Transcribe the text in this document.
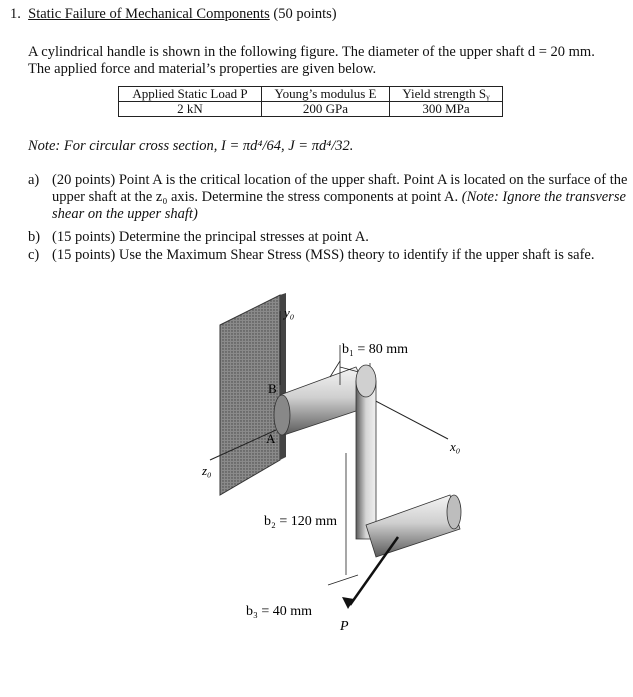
1. Static Failure of Mechanical Components (50 points)
A cylindrical handle is shown in the following figure. The diameter of the upper shaft d = 20 mm. The applied force and material’s properties are given below.
Applied Static Load P	Young’s modulus E	Yield strength Sᵧ
2 kN	200 GPa	300 MPa
Note: For circular cross section, I = πd⁴/64, J = πd⁴/32.
a) (20 points) Point A is the critical location of the upper shaft. Point A is located on the surface of the upper shaft at the z₀ axis. Determine the stress components at point A. (Note: Ignore the transverse shear on the upper shaft)
b) (15 points) Determine the principal stresses at point A.
c) (15 points) Use the Maximum Shear Stress (MSS) theory to identify if the upper shaft is safe.
y₀
z₀
x₀
B
A
b₁ = 80 mm
b₂ = 120 mm
P
b₃ = 40 mm
